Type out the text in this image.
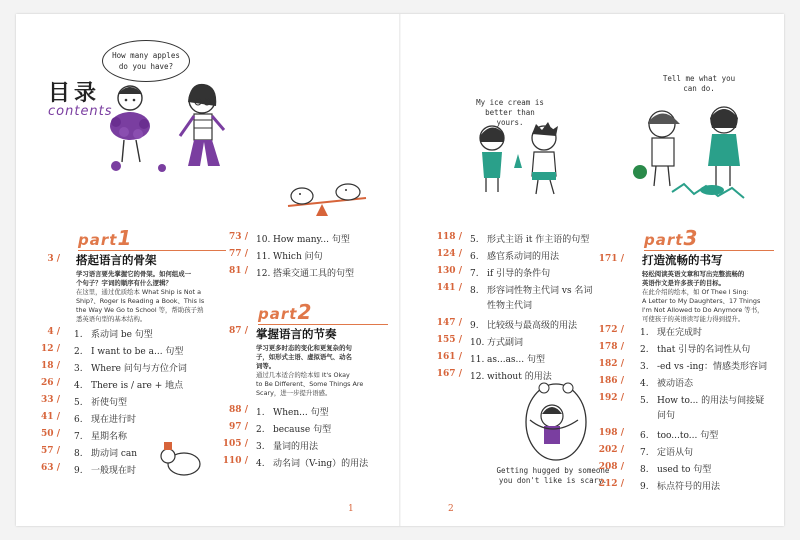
目录
contents
How many apples do you have?
My ice cream is better than yours.
Tell me what you can do.
Getting hugged by someone you don't like is scary.
part1
3 / 搭起语言的骨架
学习语言要先掌握它的骨架。如何组成一
个句子？字词的顺序有什么逻辑？
在这里，通过优质绘本 What Ship is Not a
Ship?、Roger Is Reading a Book、This Is
the Way We Go to School 等，帮助孩子熟
悉英语句型的基本结构。
4 / 1. 系动词 be 句型
12 / 2. I want to be a... 句型
18 / 3. Where 问句与方位介词
26 / 4. There is / are + 地点
33 / 5. 祈使句型
41 / 6. 现在进行时
50 / 7. 星期名称
57 / 8. 助动词 can
63 / 9. 一般现在时
73 / 10. How many... 句型
77 / 11. Which 问句
81 / 12. 搭乘交通工具的句型
part2
87 / 掌握语言的节奏
学习更多时态的变化和更复杂的句
子，如形式主语、虚拟语气、动名
词等。
通过几本适合的绘本如 It's Okay
to Be Different、Some Things Are
Scary，进一步提升语感。
88 / 1. When... 句型
97 / 2. because 句型
105 / 3. 量词的用法
110 / 4. 动名词（V-ing）的用法
118 / 5. 形式主语 it 作主语的句型
124 / 6. 感官系动词的用法
130 / 7. if 引导的条件句
141 / 8. 形容词性物主代词 vs 名词
性物主代词
147 / 9. 比较级与最高级的用法
155 / 10. 方式副词
161 / 11. as...as... 句型
167 / 12. without 的用法
part3
171 / 打造流畅的书写
轻松阅读英语文章和写出完整流畅的
英语作文是许多孩子的目标。
在此介绍的绘本，如 Of Thee I Sing:
A Letter to My Daughters、17 Things
I'm Not Allowed to Do Anymore 等书，
可使孩子的英语读写能力得到提升。
172 / 1. 现在完成时
178 / 2. that 引导的名词性从句
182 / 3. -ed vs -ing：情感类形容词
186 / 4. 被动语态
192 / 5. How to... 的用法与间接疑
问句
198 / 6. too...to... 句型
202 / 7. 定语从句
208 / 8. used to 句型
212 / 9. 标点符号的用法
1	2
